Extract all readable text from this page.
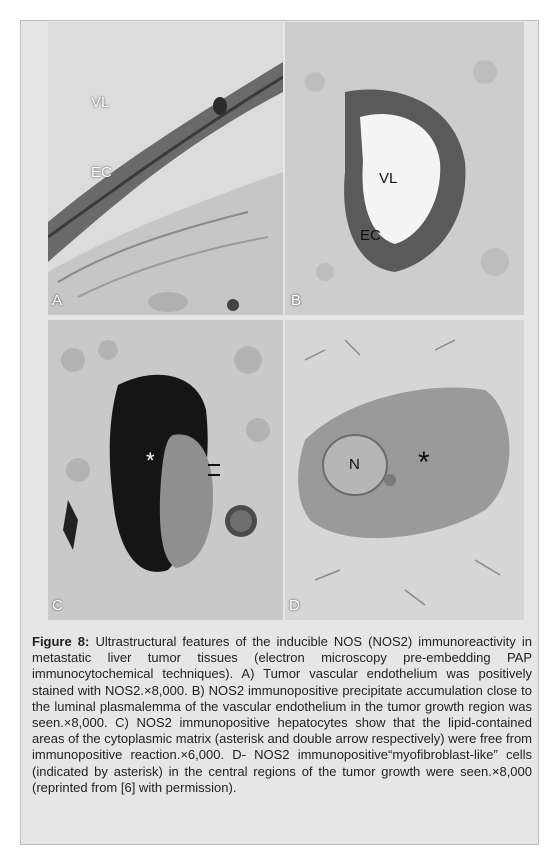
VL
EC
A
VL
EC
B
*
C
N *
D
Figure 8: Ultrastructural features of the inducible NOS (NOS2) immunoreactivity in metastatic liver tumor tissues (electron microscopy pre-embedding PAP immunocytochemical techniques). A) Tumor vascular endothelium was positively stained with NOS2.×8,000. B) NOS2 immunopositive precipitate accumulation close to the luminal plasmalemma of the vascular endothelium in the tumor growth region was seen.×8,000. C) NOS2 immunopositive hepatocytes show that the lipid-contained areas of the cytoplasmic matrix (asterisk and double arrow respectively) were free from immunopositive reaction.×6,000. D- NOS2 immunopositive“myofibroblast-like” cells (indicated by asterisk) in the central regions of the tumor growth were seen.×8,000 (reprinted from [6] with permission).
